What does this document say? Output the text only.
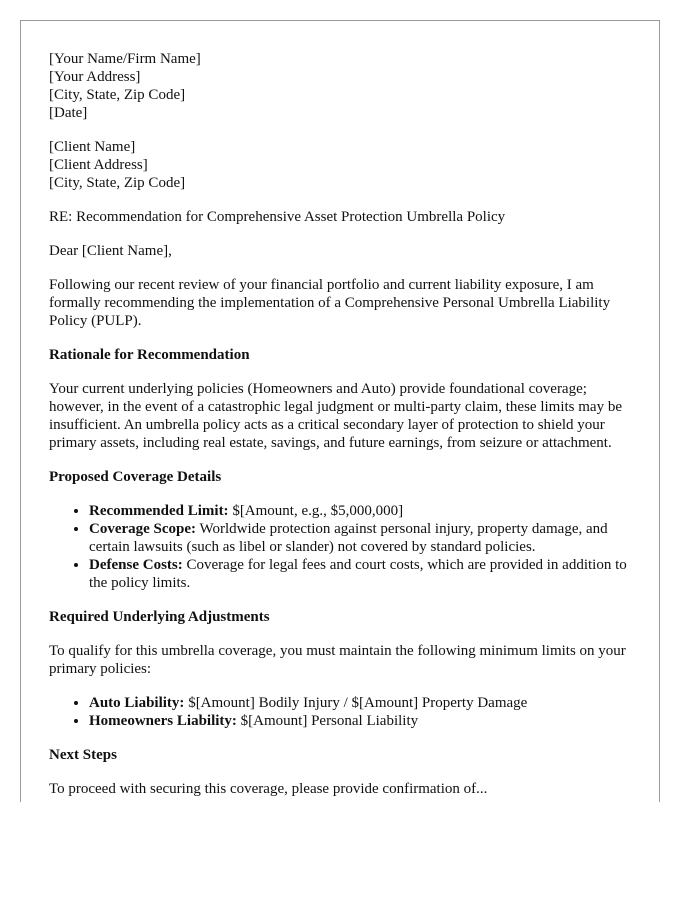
[Your Name/Firm Name]
[Your Address]
[City, State, Zip Code]
[Date]
[Client Name]
[Client Address]
[City, State, Zip Code]

RE: Recommendation for Comprehensive Asset Protection Umbrella Policy

Dear [Client Name],

Following our recent review of your financial portfolio and current liability exposure, I am formally recommending the implementation of a Comprehensive Personal Umbrella Liability Policy (PULP).

Rationale for Recommendation

Your current underlying policies (Homeowners and Auto) provide foundational coverage; however, in the event of a catastrophic legal judgment or multi-party claim, these limits may be insufficient. An umbrella policy acts as a critical secondary layer of protection to shield your primary assets, including real estate, savings, and future earnings, from seizure or attachment.

Proposed Coverage Details
• Recommended Limit: $[Amount, e.g., $5,000,000]
• Coverage Scope: Worldwide protection against personal injury, property damage, and certain lawsuits (such as libel or slander) not covered by standard policies.
• Defense Costs: Coverage for legal fees and court costs, which are provided in addition to the policy limits.
Required Underlying Adjustments

To qualify for this umbrella coverage, you must maintain the following minimum limits on your primary policies:

• Auto Liability: $[Amount] Bodily Injury / $[Amount] Property Damage
• Homeowners Liability: $[Amount] Personal Liability
Next Steps

To proceed with securing this coverage, please provide confirmation of...
